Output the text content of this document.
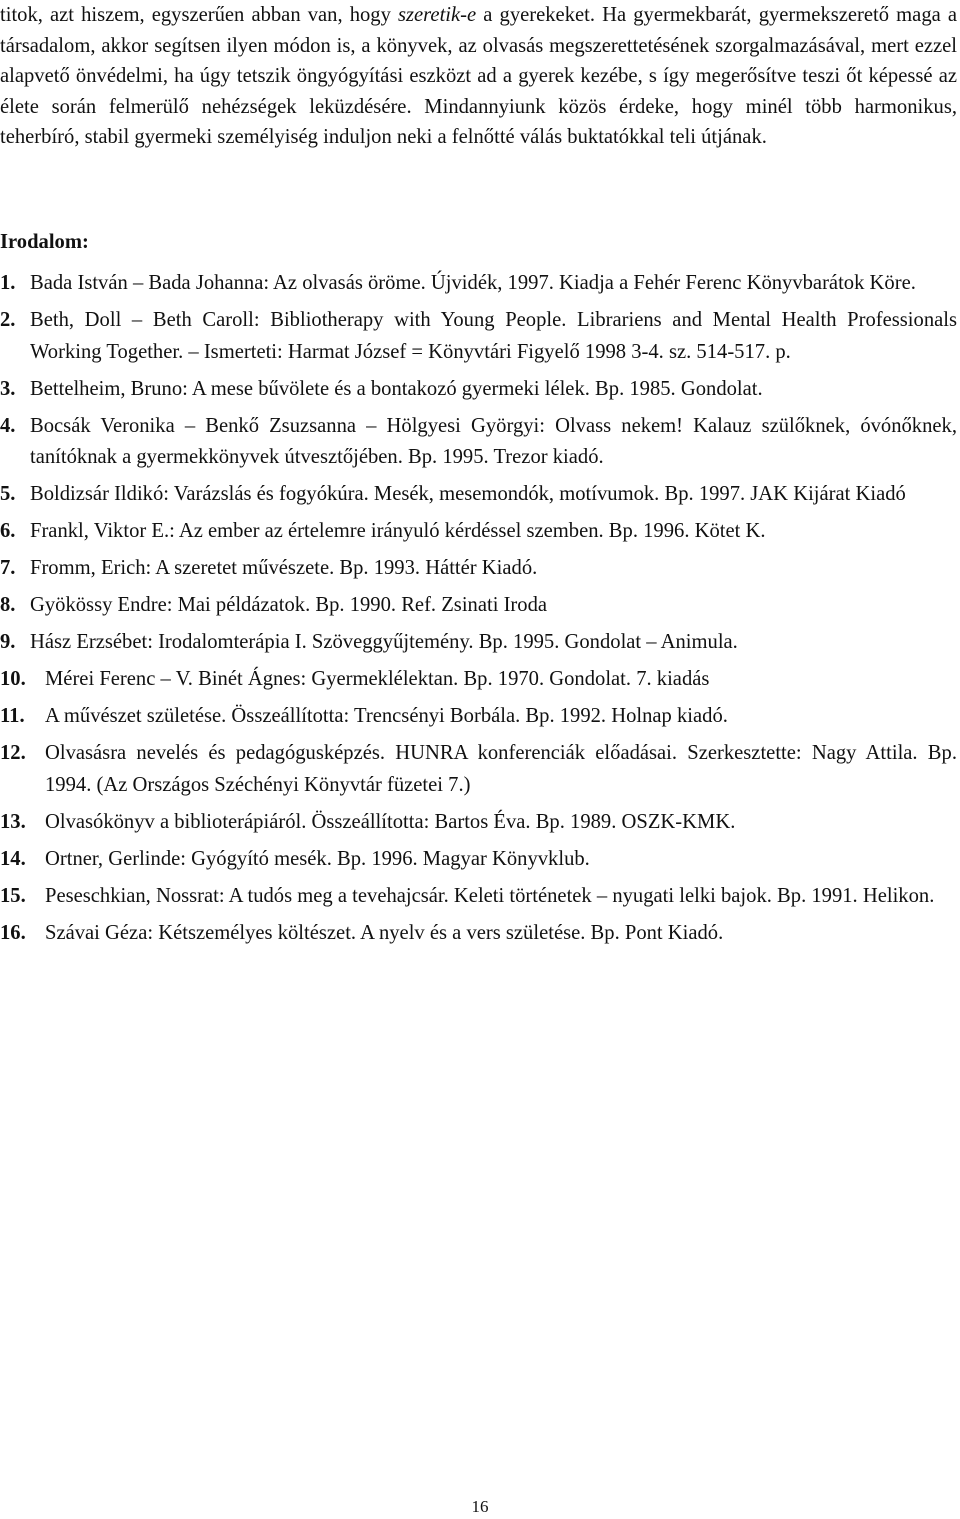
titok, azt hiszem, egyszerűen abban van, hogy szeretik-e a gyerekeket. Ha gyermekbarát, gyermekszerető maga a társadalom, akkor segítsen ilyen módon is, a könyvek, az olvasás megszerettetésének szorgalmazásával, mert ezzel alapvető önvédelmi, ha úgy tetszik öngyógyítási eszközt ad a gyerek kezébe, s így megerősítve teszi őt képessé az élete során felmerülő nehézségek leküzdésére. Mindannyiunk közös érdeke, hogy minél több harmonikus, teherbíró, stabil gyermeki személyiség induljon neki a felnőtté válás buktatókkal teli útjának.

Irodalom:
1. Bada István – Bada Johanna: Az olvasás öröme. Újvidék, 1997. Kiadja a Fehér Ferenc Könyvbarátok Köre.
2. Beth, Doll – Beth Caroll: Bibliotherapy with Young People. Librariens and Mental Health Professionals Working Together. – Ismerteti: Harmat József = Könyvtári Figyelő 1998 3-4. sz. 514-517. p.
3. Bettelheim, Bruno: A mese bűvölete és a bontakozó gyermeki lélek. Bp. 1985. Gondolat.
4. Bocsák Veronika – Benkő Zsuzsanna – Hölgyesi Györgyi: Olvass nekem! Kalauz szülőknek, óvónőknek, tanítóknak a gyermekkönyvek útvesztőjében. Bp. 1995. Trezor kiadó.
5. Boldizsár Ildikó: Varázslás és fogyókúra. Mesék, mesemondók, motívumok. Bp. 1997. JAK Kijárat Kiadó
6. Frankl, Viktor E.: Az ember az értelemre irányuló kérdéssel szemben. Bp. 1996. Kötet K.
7. Fromm, Erich: A szeretet művészete. Bp. 1993. Háttér Kiadó.
8. Gyökössy Endre: Mai példázatok. Bp. 1990. Ref. Zsinati Iroda
9. Hász Erzsébet: Irodalomterápia I. Szöveggyűjtemény. Bp. 1995. Gondolat – Animula.
10. Mérei Ferenc – V. Binét Ágnes: Gyermeklélektan. Bp. 1970. Gondolat. 7. kiadás
11. A művészet születése. Összeállította: Trencsényi Borbála. Bp. 1992. Holnap kiadó.
12. Olvasásra nevelés és pedagógusképzés. HUNRA konferenciák előadásai. Szerkesztette: Nagy Attila. Bp. 1994. (Az Országos Széchényi Könyvtár füzetei 7.)
13. Olvasókönyv a biblioterápiáról. Összeállította: Bartos Éva. Bp. 1989. OSZK-KMK.
14. Ortner, Gerlinde: Gyógyító mesék. Bp. 1996. Magyar Könyvklub.
15. Peseschkian, Nossrat: A tudós meg a tevehajcsár. Keleti történetek – nyugati lelki bajok. Bp. 1991. Helikon.
16. Szávai Géza: Kétszemélyes költészet. A nyelv és a vers születése. Bp. Pont Kiadó.
16
